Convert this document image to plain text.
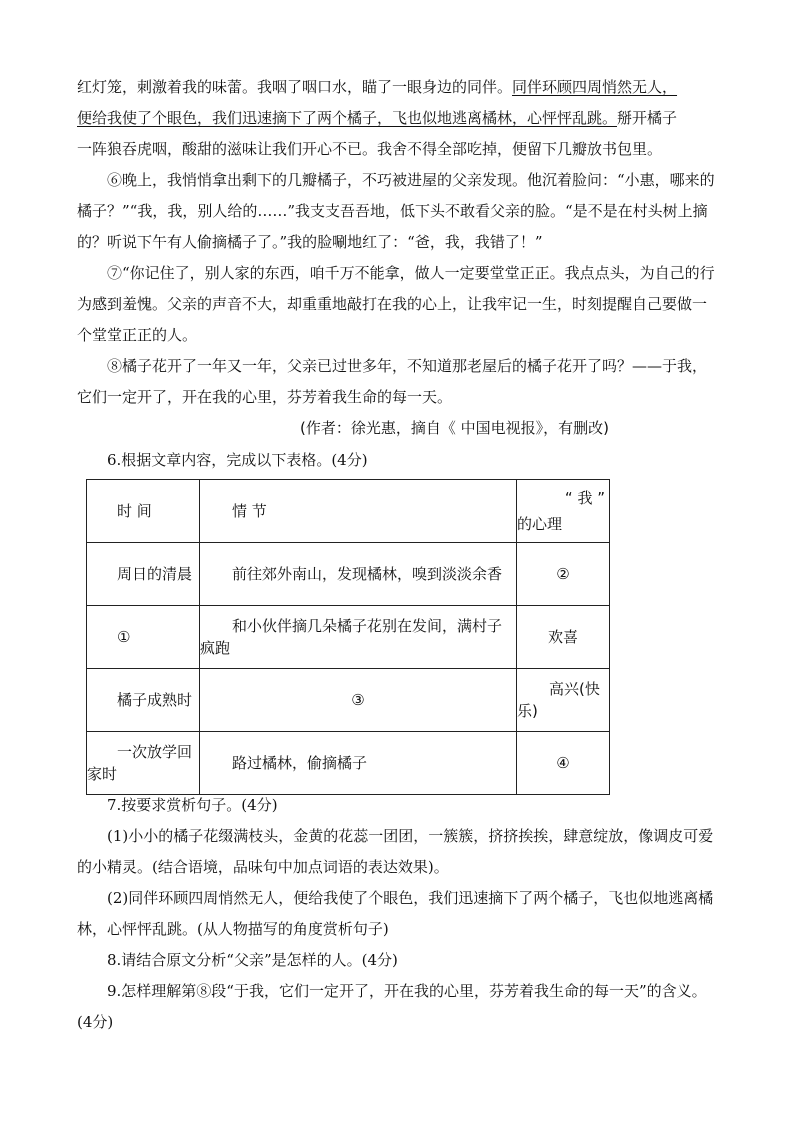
红灯笼，刺激着我的味蕾。我咽了咽口水，瞄了一眼身边的同伴。同伴环顾四周悄然无人，

便给我使了个眼色，我们迅速摘下了两个橘子，飞也似地逃离橘林，心怦怦乱跳。掰开橘子

一阵狼吞虎咽，酸甜的滋味让我们开心不已。我舍不得全部吃掉，便留下几瓣放书包里。

⑥晚上，我悄悄拿出剩下的几瓣橘子，不巧被进屋的父亲发现。他沉着脸问：“小惠，哪来的橘子？”“我，我，别人给的……”我支支吾吾地，低下头不敢看父亲的脸。“是不是在村头树上摘的？听说下午有人偷摘橘子了。”我的脸唰地红了：“爸，我，我错了！”

⑦“你记住了，别人家的东西，咱千万不能拿，做人一定要堂堂正正。我点点头，为自己的行为感到羞愧。父亲的声音不大，却重重地敲打在我的心上，让我牢记一生，时刻提醒自己要做一个堂堂正正的人。

⑧橘子花开了一年又一年，父亲已过世多年，不知道那老屋后的橘子花开了吗？——于我，它们一定开了，开在我的心里，芬芳着我生命的每一天。

(作者：徐光惠，摘自《 中国电视报》，有删改)

6.根据文章内容，完成以下表格。(4分)

时 间	情 节	“ 我 ”
的心理

周日的清晨	前往郊外南山，发现橘林，嗅到淡淡余香	②

①	和小伙伴摘几朵橘子花别在发间，满村子疯跑	欢喜

橘子成熟时	③	高兴(快乐)

一次放学回家时	路过橘林，偷摘橘子	④

7.按要求赏析句子。(4分)

(1)小小的橘子花缀满枝头，金黄的花蕊一团团，一簇簇，挤挤挨挨，肆意绽放，像调皮可爱的小精灵。(结合语境，品味句中加点词语的表达效果)。

(2)同伴环顾四周悄然无人，便给我使了个眼色，我们迅速摘下了两个橘子，飞也似地逃离橘林，心怦怦乱跳。(从人物描写的角度赏析句子)

8.请结合原文分析“父亲”是怎样的人。(4分)

9.怎样理解第⑧段“于我，它们一定开了，开在我的心里，芬芳着我生命的每一天”的含义。(4分)
